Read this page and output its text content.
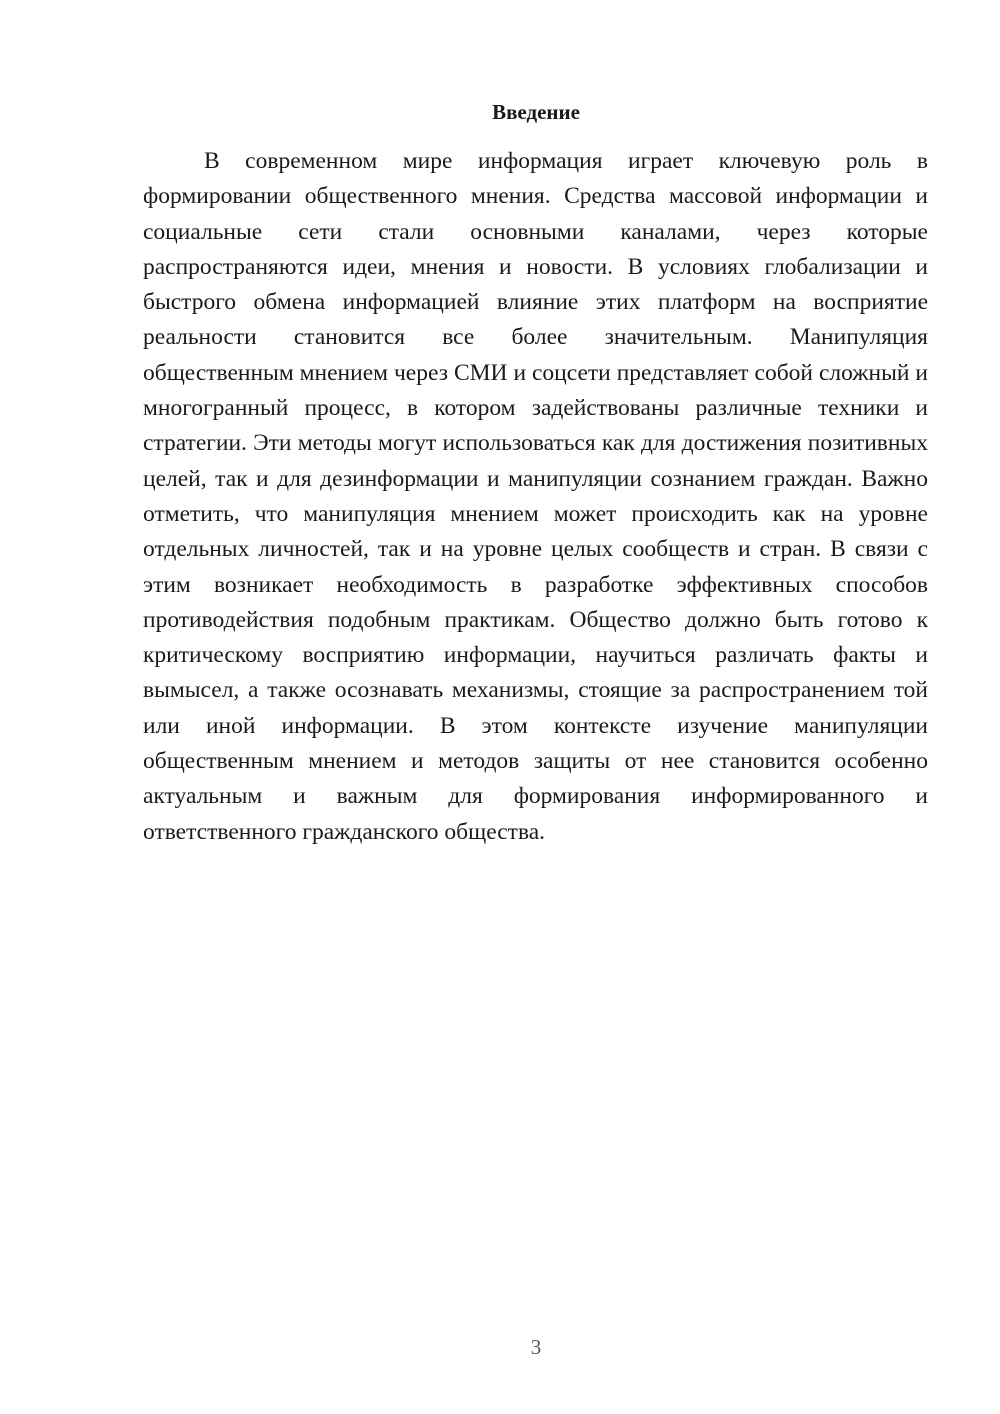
Введение

В современном мире информация играет ключевую роль в формировании общественного мнения. Средства массовой информации и социальные сети стали основными каналами, через которые распространяются идеи, мнения и новости. В условиях глобализации и быстрого обмена информацией влияние этих платформ на восприятие реальности становится все более значительным. Манипуляция общественным мнением через СМИ и соцсети представляет собой сложный и многогранный процесс, в котором задействованы различные техники и стратегии. Эти методы могут использоваться как для достижения позитивных целей, так и для дезинформации и манипуляции сознанием граждан. Важно отметить, что манипуляция мнением может происходить как на уровне отдельных личностей, так и на уровне целых сообществ и стран. В связи с этим возникает необходимость в разработке эффективных способов противодействия подобным практикам. Общество должно быть готово к критическому восприятию информации, научиться различать факты и вымысел, а также осознавать механизмы, стоящие за распространением той или иной информации. В этом контексте изучение манипуляции общественным мнением и методов защиты от нее становится особенно актуальным и важным для формирования информированного и ответственного гражданского общества.

3
